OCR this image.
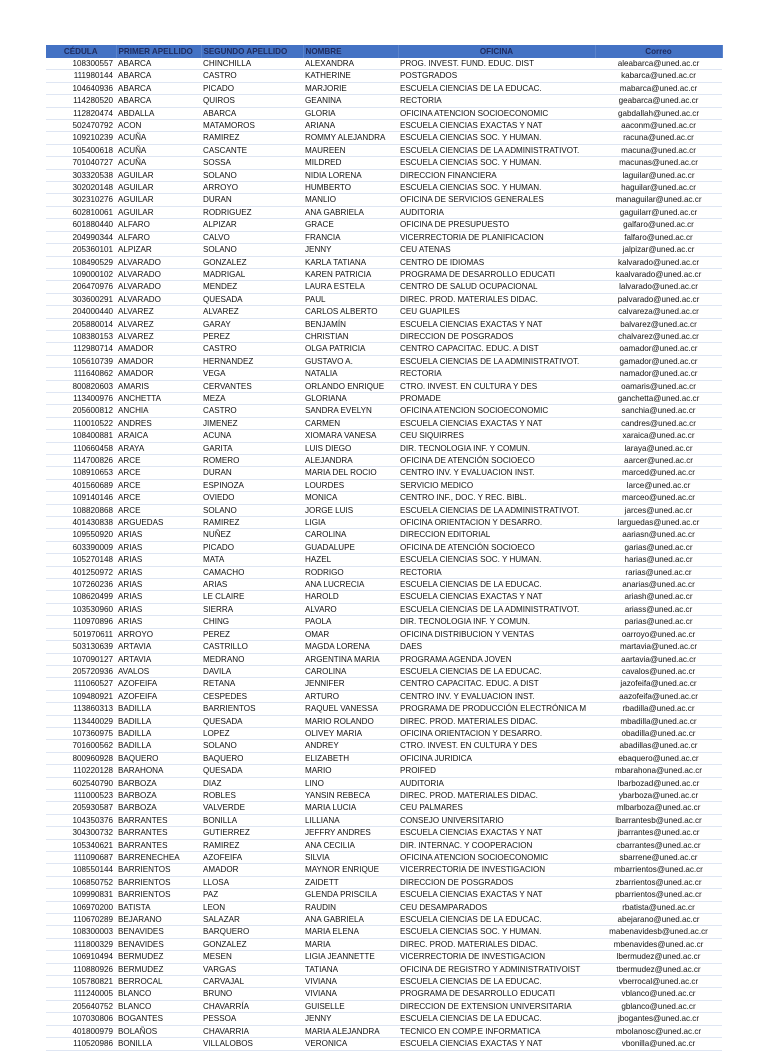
CÉDULA	PRIMER APELLIDO	SEGUNDO APELLIDO	NOMBRE	OFICINA	Correo
108300557	ABARCA	CHINCHILLA	ALEXANDRA	PROG. INVEST. FUND. EDUC. DIST	aleabarca@uned.ac.cr
111980144	ABARCA	CASTRO	KATHERINE	POSTGRADOS	kabarca@uned.ac.cr
104640936	ABARCA	PICADO	MARJORIE	ESCUELA CIENCIAS DE LA EDUCAC.	mabarca@uned.ac.cr
114280520	ABARCA	QUIROS	GEANINA	RECTORIA	geabarca@uned.ac.cr
112820474	ABDALLA	ABARCA	GLORIA	OFICINA ATENCION SOCIOECONOMIC	gabdallah@uned.ac.cr
502470792	ACON	MATAMOROS	ARIANA	ESCUELA CIENCIAS EXACTAS Y NAT	aaconm@uned.ac.cr
109210239	ACUÑA	RAMIREZ	ROMMY ALEJANDRA	ESCUELA CIENCIAS SOC. Y HUMAN.	racuna@uned.ac.cr
105400618	ACUÑA	CASCANTE	MAUREEN	ESCUELA CIENCIAS DE LA ADMINISTRATIVOT.	macuna@uned.ac.cr
701040727	ACUÑA	SOSSA	MILDRED	ESCUELA CIENCIAS SOC. Y HUMAN.	macunas@uned.ac.cr
303320538	AGUILAR	SOLANO	NIDIA LORENA	DIRECCION FINANCIERA	laguilar@uned.ac.cr
302020148	AGUILAR	ARROYO	HUMBERTO	ESCUELA CIENCIAS SOC. Y HUMAN.	haguilar@uned.ac.cr
302310276	AGUILAR	DURAN	MANLIO	OFICINA DE SERVICIOS GENERALES	managuilar@uned.ac.cr
602810061	AGUILAR	RODRIGUEZ	ANA GABRIELA	AUDITORIA	gaguilarr@uned.ac.cr
601880440	ALFARO	ALPIZAR	GRACE	OFICINA DE PRESUPUESTO	galfaro@uned.ac.cr
204990344	ALFARO	CALVO	FRANCIA	VICERRECTORIA DE PLANIFICACION	falfaro@uned.ac.cr
205360101	ALPIZAR	SOLANO	JENNY	CEU ATENAS	jalpizar@uned.ac.cr
108490529	ALVARADO	GONZALEZ	KARLA TATIANA	CENTRO DE IDIOMAS	kalvarado@uned.ac.cr
109000102	ALVARADO	MADRIGAL	KAREN PATRICIA	PROGRAMA DE DESARROLLO EDUCATI	kaalvarado@uned.ac.cr
206470976	ALVARADO	MENDEZ	LAURA ESTELA	CENTRO DE SALUD OCUPACIONAL	lalvarado@uned.ac.cr
303600291	ALVARADO	QUESADA	PAUL	DIREC. PROD. MATERIALES DIDAC.	palvarado@uned.ac.cr
204000440	ALVAREZ	ALVAREZ	CARLOS ALBERTO	CEU GUAPILES	calvareza@uned.ac.cr
205880014	ALVAREZ	GARAY	BENJAMÍN	ESCUELA CIENCIAS EXACTAS Y NAT	balvarez@uned.ac.cr
108380153	ALVAREZ	PEREZ	CHRISTIAN	DIRECCION DE POSGRADOS	chalvarez@uned.ac.cr
112980714	AMADOR	CASTRO	OLGA PATRICIA	CENTRO CAPACITAC. EDUC. A DIST	oamador@uned.ac.cr
105610739	AMADOR	HERNANDEZ	GUSTAVO A.	ESCUELA CIENCIAS DE LA ADMINISTRATIVOT.	gamador@uned.ac.cr
111640862	AMADOR	VEGA	NATALIA	RECTORIA	namador@uned.ac.cr
800820603	AMARIS	CERVANTES	ORLANDO ENRIQUE	CTRO. INVEST. EN CULTURA Y DES	oamaris@uned.ac.cr
113400976	ANCHETTA	MEZA	GLORIANA	PROMADE	ganchetta@uned.ac.cr
205600812	ANCHIA	CASTRO	SANDRA EVELYN	OFICINA ATENCION SOCIOECONOMIC	sanchia@uned.ac.cr
110010522	ANDRES	JIMENEZ	CARMEN	ESCUELA CIENCIAS EXACTAS Y NAT	candres@uned.ac.cr
108400881	ARAICA	ACUNA	XIOMARA VANESA	CEU SIQUIRRES	xaraica@uned.ac.cr
110660458	ARAYA	GARITA	LUIS DIEGO	DIR. TECNOLOGIA INF. Y COMUN.	laraya@uned.ac.cr
114700826	ARCE	ROMERO	ALEJANDRA	OFICINA DE ATENCIÓN SOCIOECO	aarcer@uned.ac.cr
108910653	ARCE	DURAN	MARIA DEL ROCIO	CENTRO INV. Y EVALUACION INST.	marced@uned.ac.cr
401560689	ARCE	ESPINOZA	LOURDES	SERVICIO MEDICO	larce@uned.ac.cr
109140146	ARCE	OVIEDO	MONICA	CENTRO INF., DOC. Y REC. BIBL.	marceo@uned.ac.cr
108820868	ARCE	SOLANO	JORGE LUIS	ESCUELA CIENCIAS DE LA ADMINISTRATIVOT.	jarces@uned.ac.cr
401430838	ARGUEDAS	RAMIREZ	LIGIA	OFICINA ORIENTACION Y DESARRO.	larguedas@uned.ac.cr
109550920	ARIAS	NUÑEZ	CAROLINA	DIRECCION EDITORIAL	aariasn@uned.ac.cr
603390009	ARIAS	PICADO	GUADALUPE	OFICINA DE ATENCIÓN SOCIOECO	garias@uned.ac.cr
105270148	ARIAS	MATA	HAZEL	ESCUELA CIENCIAS SOC. Y HUMAN.	harias@uned.ac.cr
401250972	ARIAS	CAMACHO	RODRIGO	RECTORIA	rarias@uned.ac.cr
107260236	ARIAS	ARIAS	ANA LUCRECIA	ESCUELA CIENCIAS DE LA EDUCAC.	anarias@uned.ac.cr
108620499	ARIAS	LE CLAIRE	HAROLD	ESCUELA CIENCIAS EXACTAS Y NAT	ariash@uned.ac.cr
103530960	ARIAS	SIERRA	ALVARO	ESCUELA CIENCIAS DE LA ADMINISTRATIVOT.	ariass@uned.ac.cr
110970896	ARIAS	CHING	PAOLA	DIR. TECNOLOGIA INF. Y COMUN.	parias@uned.ac.cr
501970611	ARROYO	PEREZ	OMAR	OFICINA DISTRIBUCION Y VENTAS	oarroyo@uned.ac.cr
503130639	ARTAVIA	CASTRILLO	MAGDA LORENA	DAES	martavia@uned.ac.cr
107090127	ARTAVIA	MEDRANO	ARGENTINA MARIA	PROGRAMA AGENDA JOVEN	aartavia@uned.ac.cr
205720936	AVALOS	DAVILA	CAROLINA	ESCUELA CIENCIAS DE LA EDUCAC.	cavalos@uned.ac.cr
111060527	AZOFEIFA	RETANA	JENNIFER	CENTRO CAPACITAC. EDUC. A DIST	jazofeifa@uned.ac.cr
109480921	AZOFEIFA	CESPEDES	ARTURO	CENTRO INV. Y EVALUACION INST.	aazofeifa@uned.ac.cr
113860313	BADILLA	BARRIENTOS	RAQUEL VANESSA	PROGRAMA DE PRODUCCIÓN ELECTRÓNICA M	rbadilla@uned.ac.cr
113440029	BADILLA	QUESADA	MARIO ROLANDO	DIREC. PROD. MATERIALES DIDAC.	mbadilla@uned.ac.cr
107360975	BADILLA	LOPEZ	OLIVEY MARIA	OFICINA ORIENTACION Y DESARRO.	obadilla@uned.ac.cr
701600562	BADILLA	SOLANO	ANDREY	CTRO. INVEST. EN CULTURA Y DES	abadillas@uned.ac.cr
800960928	BAQUERO	BAQUERO	ELIZABETH	OFICINA JURIDICA	ebaquero@uned.ac.cr
110220128	BARAHONA	QUESADA	MARIO	PROIFED	mbarahona@uned.ac.cr
602540790	BARBOZA	DIAZ	LINO	AUDITORIA	lbarbozad@uned.ac.cr
111000523	BARBOZA	ROBLES	YANSIN REBECA	DIREC. PROD. MATERIALES DIDAC.	ybarboza@uned.ac.cr
205930587	BARBOZA	VALVERDE	MARIA LUCIA	CEU PALMARES	mlbarboza@uned.ac.cr
104350376	BARRANTES	BONILLA	LILLIANA	CONSEJO UNIVERSITARIO	lbarrantesb@uned.ac.cr
304300732	BARRANTES	GUTIERREZ	JEFFRY ANDRES	ESCUELA CIENCIAS EXACTAS Y NAT	jbarrantes@uned.ac.cr
105340621	BARRANTES	RAMIREZ	ANA CECILIA	DIR. INTERNAC. Y COOPERACION	cbarrantes@uned.ac.cr
111090687	BARRENECHEA	AZOFEIFA	SILVIA	OFICINA ATENCION SOCIOECONOMIC	sbarrene@uned.ac.cr
108550144	BARRIENTOS	AMADOR	MAYNOR ENRIQUE	VICERRECTORIA DE INVESTIGACION	mbarrientos@uned.ac.cr
106850752	BARRIENTOS	LLOSA	ZAIDETT	DIRECCION DE POSGRADOS	zbarrientos@uned.ac.cr
109990831	BARRIENTOS	PAZ	GLENDA PRISCILA	ESCUELA CIENCIAS EXACTAS Y NAT	pbarrientos@uned.ac.cr
106970200	BATISTA	LEON	RAUDIN	CEU DESAMPARADOS	rbatista@uned.ac.cr
110670289	BEJARANO	SALAZAR	ANA GABRIELA	ESCUELA CIENCIAS DE LA EDUCAC.	abejarano@uned.ac.cr
108300003	BENAVIDES	BARQUERO	MARIA ELENA	ESCUELA CIENCIAS SOC. Y HUMAN.	mabenavidesb@uned.ac.cr
111800329	BENAVIDES	GONZALEZ	MARIA	DIREC. PROD. MATERIALES DIDAC.	mbenavides@uned.ac.cr
106910494	BERMUDEZ	MESEN	LIGIA JEANNETTE	VICERRECTORIA DE INVESTIGACION	lbermudez@uned.ac.cr
110880926	BERMUDEZ	VARGAS	TATIANA	OFICINA DE REGISTRO Y ADMINISTRATIVOIST	tbermudez@uned.ac.cr
105780821	BERROCAL	CARVAJAL	VIVIANA	ESCUELA CIENCIAS DE LA EDUCAC.	vberrocal@uned.ac.cr
111240005	BLANCO	BRUNO	VIVIANA	PROGRAMA DE DESARROLLO EDUCATI	vblanco@uned.ac.cr
205640752	BLANCO	CHAVARRÍA	GUISELLE	DIRECCION DE EXTENSION UNIVERSITARIA	gblanco@uned.ac.cr
107030806	BOGANTES	PESSOA	JENNY	ESCUELA CIENCIAS DE LA EDUCAC.	jbogantes@uned.ac.cr
401800979	BOLAÑOS	CHAVARRIA	MARIA ALEJANDRA	TECNICO EN COMP.E INFORMATICA	mbolanosc@uned.ac.cr
110520986	BONILLA	VILLALOBOS	VERONICA	ESCUELA CIENCIAS EXACTAS Y NAT	vbonilla@uned.ac.cr
